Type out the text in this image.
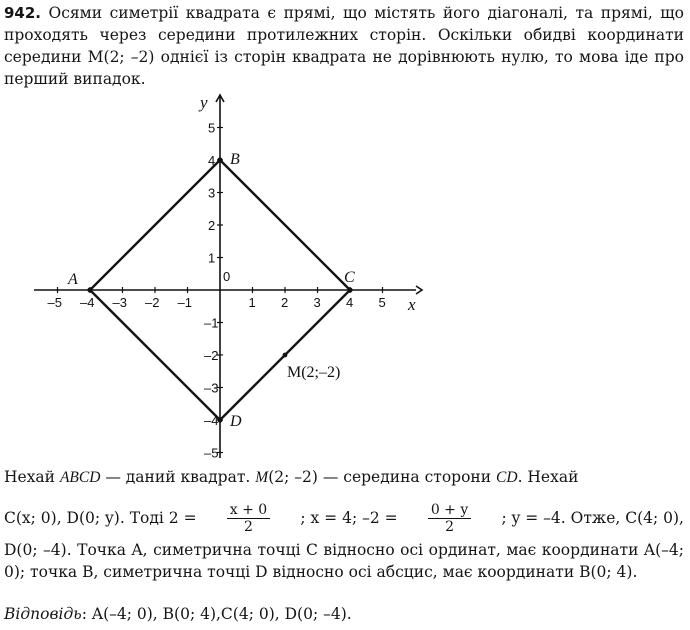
942. Осями симетрії квадрата є прямі, що містять його діагоналі, та прямі, що проходять через середини протилежних сторін. Оскільки обидві координати середини M(2; –2) однієї із сторін квадрата не дорівнюють нулю, то мова іде про перший випадок.
x
y
0
–5 –4 –3 –2 –1	1 2 3	5
4
5
4
3
2
1
–1
–2
–3
–4
–5
A
B
C
D
M(2;–2)
Нехай ABCD — даний квадрат. M(2; –2) — середина сторони CD. Нехай
C(x; 0), D(0; y). Тоді $2 = \frac{x + 0}{2}$ ; x = 4; $-2 = \frac{0 + y}{2}$ ; y = –4. Отже, C(4; 0),
D(0; –4). Точка A, симетрична точці C відносно осі ординат, має координати A(–4; 0); точка B, симетрична точці D відносно осі абсцис, має координати B(0; 4).
Відповідь: A(–4; 0), B(0; 4),C(4; 0), D(0; –4).
